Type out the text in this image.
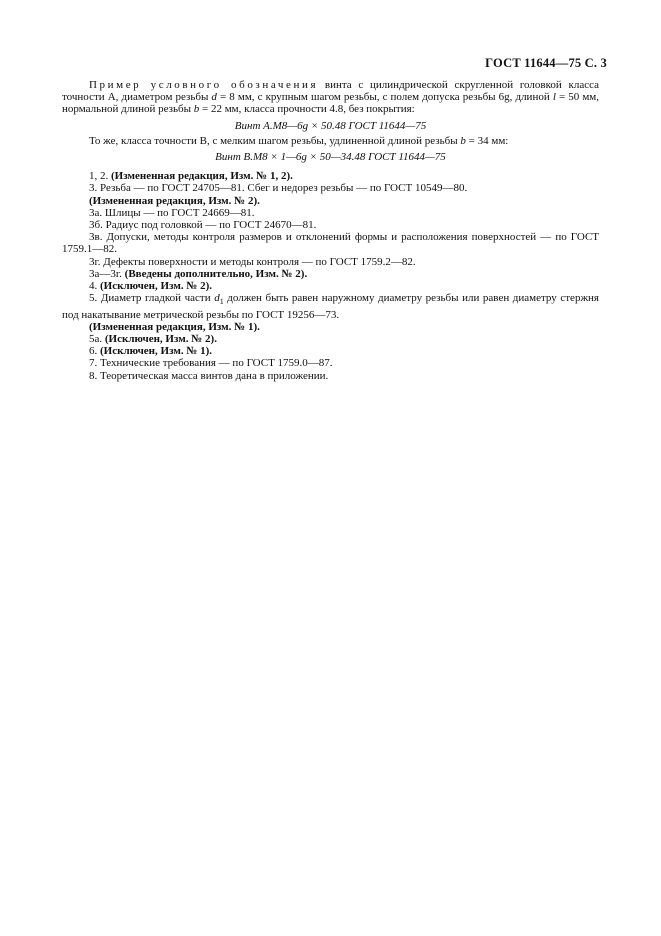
ГОСТ 11644—75 С. 3

Пример условного обозначения винта с цилиндрической скругленной головкой класса точности А, диаметром резьбы d = 8 мм, с крупным шагом резьбы, с полем допуска резьбы 6g, длиной l = 50 мм, нормальной длиной резьбы b = 22 мм, класса прочности 4.8, без покрытия:

Винт А.М8—6g × 50.48 ГОСТ 11644—75

То же, класса точности В, с мелким шагом резьбы, удлиненной длиной резьбы b = 34 мм:

Винт В.М8 × 1—6g × 50—34.48 ГОСТ 11644—75

1, 2. (Измененная редакция, Изм. № 1, 2).

3. Резьба — по ГОСТ 24705—81. Сбег и недорез резьбы — по ГОСТ 10549—80.

(Измененная редакция, Изм. № 2).

3а. Шлицы — по ГОСТ 24669—81.

3б. Радиус под головкой — по ГОСТ 24670—81.

3в. Допуски, методы контроля размеров и отклонений формы и расположения поверхностей — по ГОСТ 1759.1—82.

3г. Дефекты поверхности и методы контроля — по ГОСТ 1759.2—82.

3а—3г. (Введены дополнительно, Изм. № 2).

4. (Исключен, Изм. № 2).

5. Диаметр гладкой части $d_1$ должен быть равен наружному диаметру резьбы или равен диаметру стержня под накатывание метрической резьбы по ГОСТ 19256—73.

(Измененная редакция, Изм. № 1).

5а. (Исключен, Изм. № 2).

6. (Исключен, Изм. № 1).

7. Технические требования — по ГОСТ 1759.0—87.

8. Теоретическая масса винтов дана в приложении.
